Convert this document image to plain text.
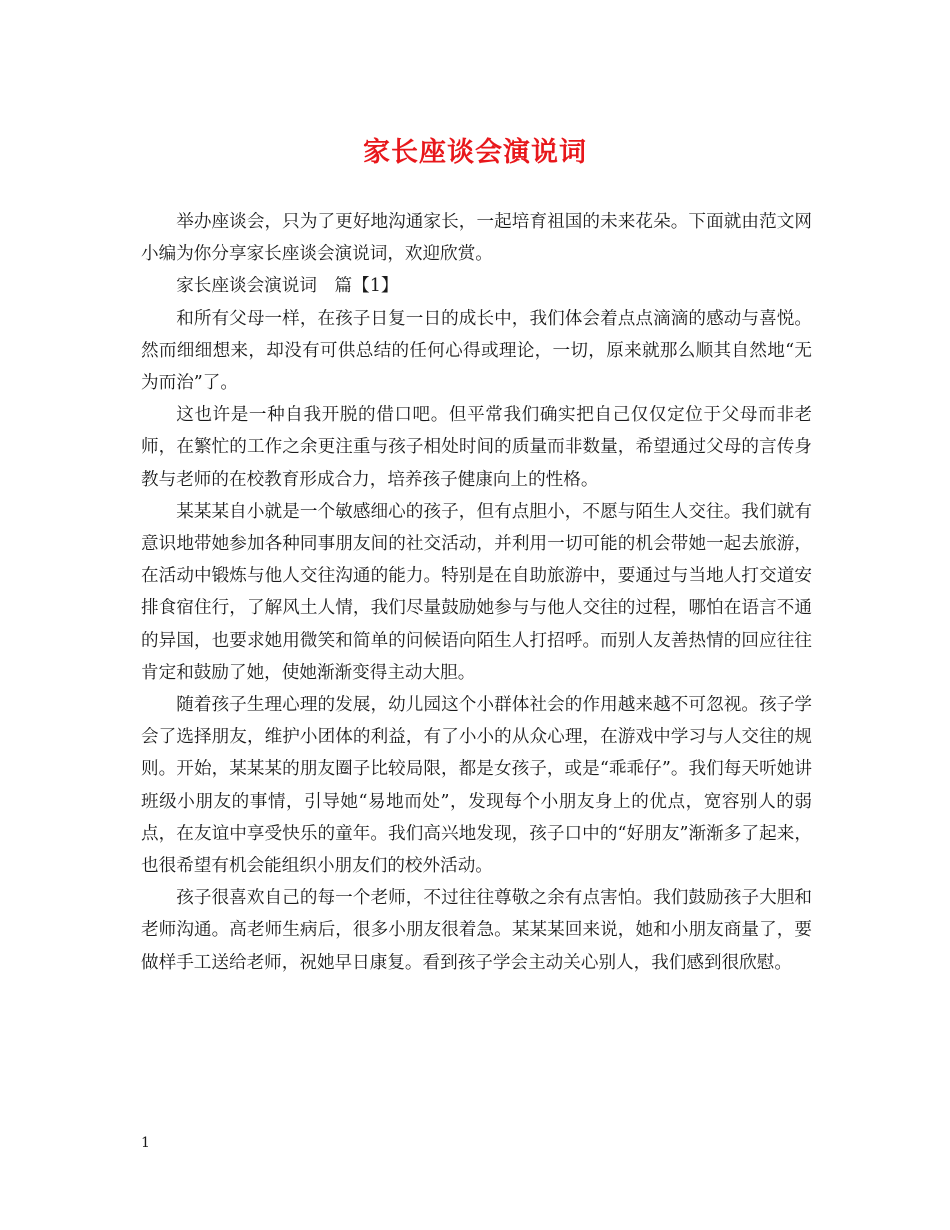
家长座谈会演说词

举办座谈会，只为了更好地沟通家长，一起培育祖国的未来花朵。下面就由范文网小编为你分享家长座谈会演说词，欢迎欣赏。

家长座谈会演说词　篇【1】

和所有父母一样，在孩子日复一日的成长中，我们体会着点点滴滴的感动与喜悦。然而细细想来，却没有可供总结的任何心得或理论，一切，原来就那么顺其自然地“无为而治”了。

这也许是一种自我开脱的借口吧。但平常我们确实把自己仅仅定位于父母而非老师，在繁忙的工作之余更注重与孩子相处时间的质量而非数量，希望通过父母的言传身教与老师的在校教育形成合力，培养孩子健康向上的性格。

某某某自小就是一个敏感细心的孩子，但有点胆小，不愿与陌生人交往。我们就有意识地带她参加各种同事朋友间的社交活动，并利用一切可能的机会带她一起去旅游，在活动中锻炼与他人交往沟通的能力。特别是在自助旅游中，要通过与当地人打交道安排食宿住行，了解风土人情，我们尽量鼓励她参与与他人交往的过程，哪怕在语言不通的异国，也要求她用微笑和简单的问候语向陌生人打招呼。而别人友善热情的回应往往肯定和鼓励了她，使她渐渐变得主动大胆。

随着孩子生理心理的发展，幼儿园这个小群体社会的作用越来越不可忽视。孩子学会了选择朋友，维护小团体的利益，有了小小的从众心理，在游戏中学习与人交往的规则。开始，某某某的朋友圈子比较局限，都是女孩子，或是“乖乖仔”。我们每天听她讲班级小朋友的事情，引导她“易地而处”，发现每个小朋友身上的优点，宽容别人的弱点，在友谊中享受快乐的童年。我们高兴地发现，孩子口中的“好朋友”渐渐多了起来，也很希望有机会能组织小朋友们的校外活动。

孩子很喜欢自己的每一个老师，不过往往尊敬之余有点害怕。我们鼓励孩子大胆和老师沟通。高老师生病后，很多小朋友很着急。某某某回来说，她和小朋友商量了，要做样手工送给老师，祝她早日康复。看到孩子学会主动关心别人，我们感到很欣慰。

1
